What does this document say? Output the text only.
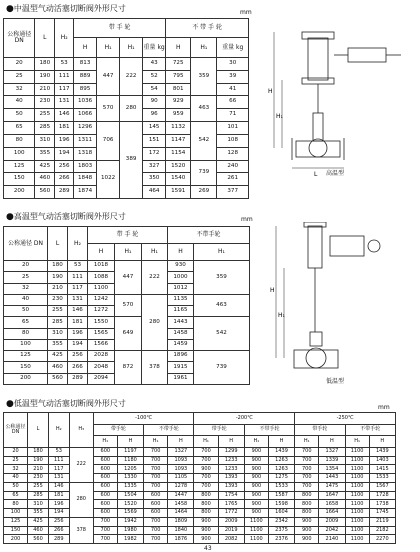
●中温型气动活塞切断阀外形尺寸	mm
公称通径
DN	L	H₂	带 手 轮				不 带 手 轮		
			H	H₁	H₁	重量 kg	H	H₁	重量 kg
20	180	53	813	447	222	43	725	359	30
25	190	111	889			52	795		39
32	210	117	895			54	801		41
40	230	131	1036	570	280	90	929	463	66
50	255	146	1066			96	959		71
65	285	181	1296	706	389	145	1132	542	101
80	310	196	1311			151	1147		108
100	355	194	1318			172	1154		128
125	425	256	1803	1022		327	1520	739	240
150	460	266	1848			350	1540		261
200	560	289	1874			464	1591	269	377
H
H₁
L 高温型
●高温型气动活塞切断阀外形尺寸	mm
公称通径 DN	L	H₂	带 手 轮			不带手轮	
			H	H₁	H₁	H	H₁
20	180	53	1018	447	222	930	359
25	190	111	1088			1000	
32	210	117	1100			1012	
40	230	131	1242	570	280	1135	463
50	255	146	1272			1165	
65	285	181	1550	649		1443	542
80	310	196	1565			1458	
100	355	194	1566			1459	
125	425	256	2028	872	378	1896	739
150	460	266	2048			1915	
200	560	289	2094			1961	
H
H₁
低温型
●低温型气动活塞切断阀外形尺寸	mm
公称通径
DN	L	H₂	H₃	-100℃				-200℃				-250℃			
				带手轮		不带手轮		带手轮		不带手轮		带手轮		不带手轮	
				H₁	H	H₁	H	H₁	H	H₁	H	H₁	H	H₁	H
20	180	53	222	600	1197	700	1327	700	1299	900	1439	700	1327	1100	1439
25	190	111		600	1180	700	1093	700	1233	900	1263	700	1339	1100	1403
32	210	117		600	1205	700	1093	900	1233	900	1263	700	1354	1100	1415
40	230	131		600	1330	700	1105	700	1393	900	1275	700	1443	1100	1533
50	255	146	280	600	1335	700	1278	700	1393	900	1533	700	1475	1100	1567
65	285	181		600	1504	600	1447	800	1754	900	1587	800	1647	1100	1728
80	310	196		600	1520	600	1458	800	1765	900	1598	800	1658	1100	1738
100	355	194		600	1569	600	1464	800	1772	900	1604	800	1664	1100	1745
125	425	256	378	700	1942	700	1809	900	2009	1100	2342	900	2009	1100	2119
150	460	266		700	1980	700	1840	900	2019	1100	2375	900	2042	1100	2182
200	560	289		700	1982	700	1876	900	2082	1100	2376	900	2140	1100	2270
43
